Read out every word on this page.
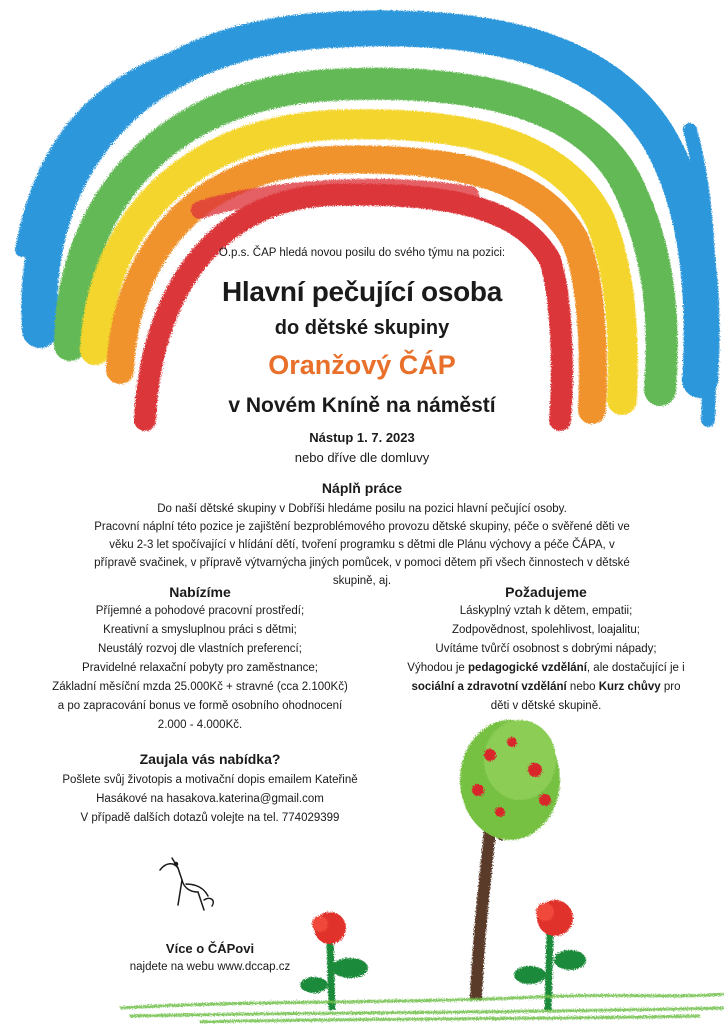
O.p.s. ČAP hledá novou posilu do svého týmu na pozici:
Hlavní pečující osoba
do dětské skupiny
Oranžový ČÁP
v Novém Kníně na náměstí
Nástup 1. 7. 2023
nebo dříve dle domluvy
Náplň práce
Do naší dětské skupiny v Dobříši hledáme posilu na pozici hlavní pečující osoby.
Pracovní náplní této pozice je zajištění bezproblémového provozu dětské skupiny, péče o svěřené děti ve věku 2-3 let spočívající v hlídání dětí, tvoření programku s dětmi dle Plánu výchovy a péče ČÁPA, v přípravě svačinek, v přípravě výtvarnýcha jiných pomůcek, v pomoci dětem při všech činnostech v dětské skupině, aj.
Nabízíme
Příjemné a pohodové pracovní prostředí;
Kreativní a smysluplnou práci s dětmi;
Neustálý rozvoj dle vlastních preferencí;
Pravidelné relaxační pobyty pro zaměstnance;
Základní měsíční mzda 25.000Kč + stravné (cca 2.100Kč)
a po zapracování bonus ve formě osobního ohodnocení
2.000 - 4.000Kč.
Požadujeme
Láskyplný vztah k dětem, empatii;
Zodpovědnost, spolehlivost, loajalitu;
Uvítáme tvůrčí osobnost s dobrými nápady;
Výhodou je pedagogické vzdělání, ale dostačující je i
sociální a zdravotní vzdělání nebo Kurz chůvy pro
děti v dětské skupině.
Zaujala vás nabídka?
Pošlete svůj životopis a motivační dopis emailem Kateřině
Hasákové na hasakova.katerina@gmail.com
V případě dalších dotazů volejte na tel. 774029399
Více o ČÁPovi
najdete na webu www.dccap.cz
